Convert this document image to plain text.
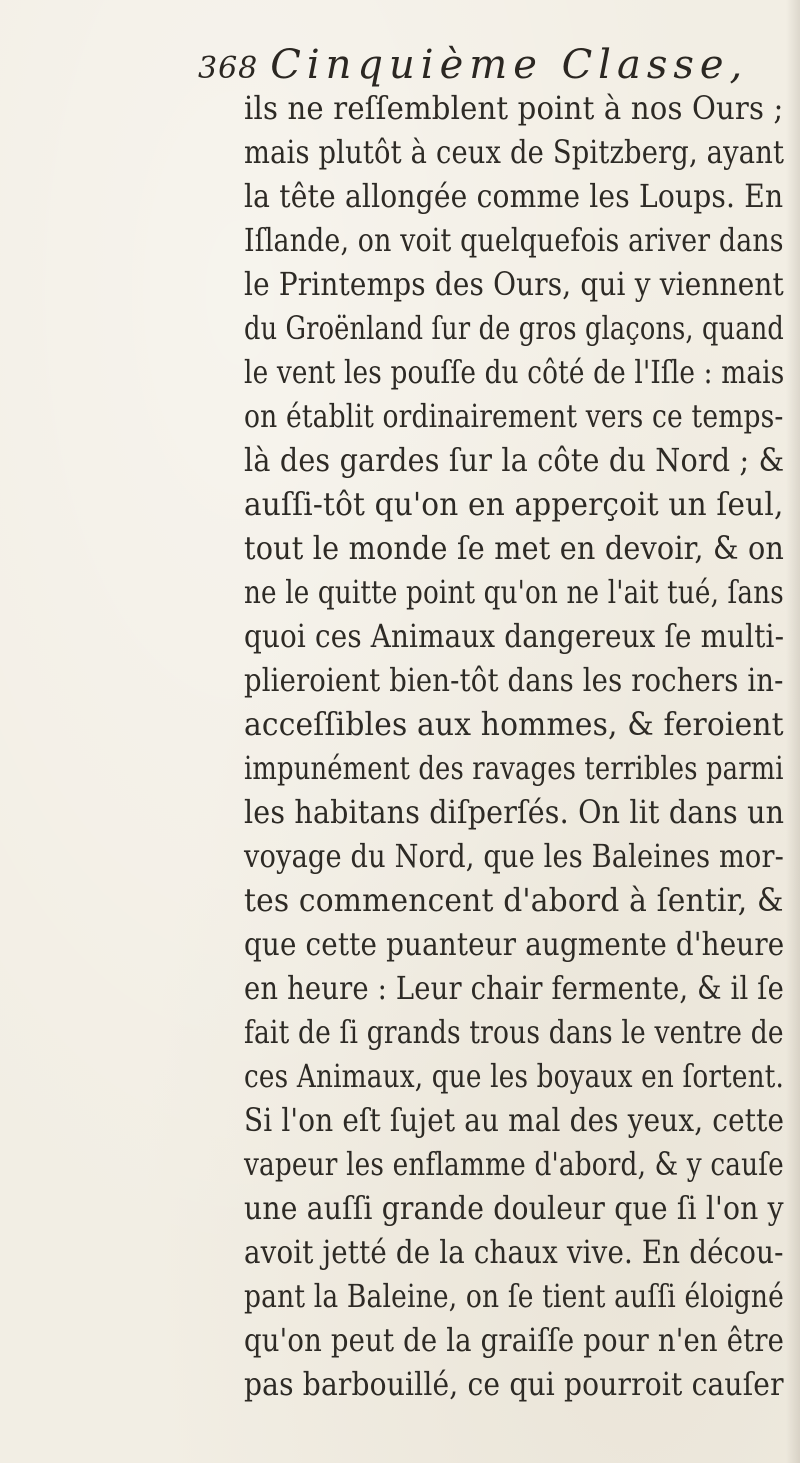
368 Cinquième Classe,
ils ne reſſemblent point à nos Ours ;
mais plutôt à ceux de Spitzberg, ayant
la tête allongée comme les Loups. En
Iſlande, on voit quelquefois ariver dans
le Printemps des Ours, qui y viennent
du Groënland ſur de gros glaçons, quand
le vent les pouſſe du côté de l'Iſle : mais
on établit ordinairement vers ce temps-
là des gardes ſur la côte du Nord ; &
auſſi-tôt qu'on en apperçoit un ſeul,
tout le monde ſe met en devoir, & on
ne le quitte point qu'on ne l'ait tué, ſans
quoi ces Animaux dangereux ſe multi-
plieroient bien-tôt dans les rochers in-
acceſſibles aux hommes, & feroient
impunément des ravages terribles parmi
les habitans diſperſés. On lit dans un
voyage du Nord, que les Baleines mor-
tes commencent d'abord à ſentir, &
que cette puanteur augmente d'heure
en heure : Leur chair fermente, & il ſe
fait de ſi grands trous dans le ventre de
ces Animaux, que les boyaux en ſortent.
Si l'on eſt ſujet au mal des yeux, cette
vapeur les enflamme d'abord, & y cauſe
une auſſi grande douleur que ſi l'on y
avoit jetté de la chaux vive. En décou-
pant la Baleine, on ſe tient auſſi éloigné
qu'on peut de la graiſſe pour n'en être
pas barbouillé, ce qui pourroit cauſer
